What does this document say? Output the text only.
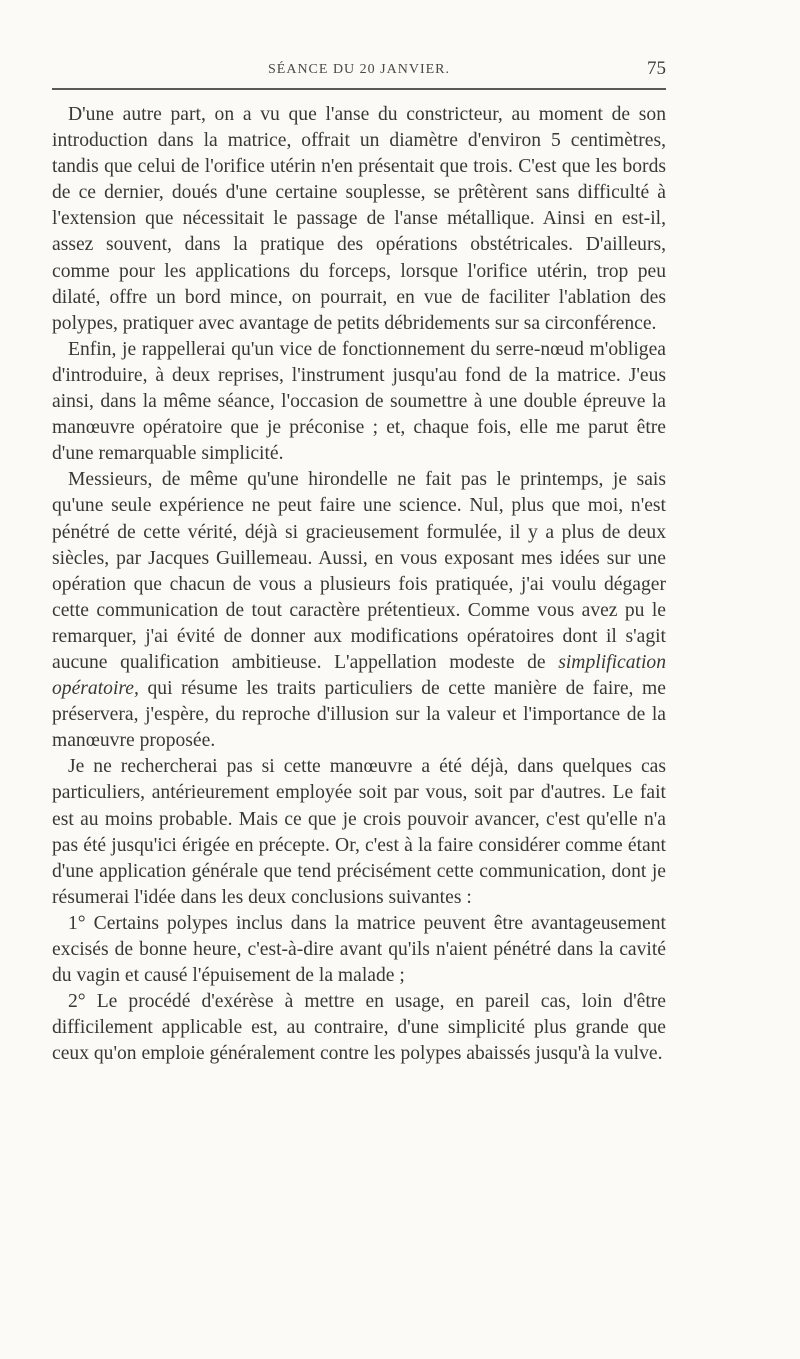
SÉANCE DU 20 JANVIER.	75

D'une autre part, on a vu que l'anse du constricteur, au moment de son introduction dans la matrice, offrait un diamètre d'environ 5 centimètres, tandis que celui de l'orifice utérin n'en présentait que trois. C'est que les bords de ce dernier, doués d'une certaine souplesse, se prêtèrent sans difficulté à l'extension que nécessitait le passage de l'anse métallique. Ainsi en est-il, assez souvent, dans la pratique des opérations obstétricales. D'ailleurs, comme pour les applications du forceps, lorsque l'orifice utérin, trop peu dilaté, offre un bord mince, on pourrait, en vue de faciliter l'ablation des polypes, pratiquer avec avantage de petits débridements sur sa circonférence.

Enfin, je rappellerai qu'un vice de fonctionnement du serre-nœud m'obligea d'introduire, à deux reprises, l'instrument jusqu'au fond de la matrice. J'eus ainsi, dans la même séance, l'occasion de soumettre à une double épreuve la manœuvre opératoire que je préconise ; et, chaque fois, elle me parut être d'une remarquable simplicité.

Messieurs, de même qu'une hirondelle ne fait pas le printemps, je sais qu'une seule expérience ne peut faire une science. Nul, plus que moi, n'est pénétré de cette vérité, déjà si gracieusement formulée, il y a plus de deux siècles, par Jacques Guillemeau. Aussi, en vous exposant mes idées sur une opération que chacun de vous a plusieurs fois pratiquée, j'ai voulu dégager cette communication de tout caractère prétentieux. Comme vous avez pu le remarquer, j'ai évité de donner aux modifications opératoires dont il s'agit aucune qualification ambitieuse. L'appellation modeste de simplification opératoire, qui résume les traits particuliers de cette manière de faire, me préservera, j'espère, du reproche d'illusion sur la valeur et l'importance de la manœuvre proposée.

Je ne rechercherai pas si cette manœuvre a été déjà, dans quelques cas particuliers, antérieurement employée soit par vous, soit par d'autres. Le fait est au moins probable. Mais ce que je crois pouvoir avancer, c'est qu'elle n'a pas été jusqu'ici érigée en précepte. Or, c'est à la faire considérer comme étant d'une application générale que tend précisément cette communication, dont je résumerai l'idée dans les deux conclusions suivantes :

1° Certains polypes inclus dans la matrice peuvent être avantageusement excisés de bonne heure, c'est-à-dire avant qu'ils n'aient pénétré dans la cavité du vagin et causé l'épuisement de la malade ;

2° Le procédé d'exérèse à mettre en usage, en pareil cas, loin d'être difficilement applicable est, au contraire, d'une simplicité plus grande que ceux qu'on emploie généralement contre les polypes abaissés jusqu'à la vulve.
